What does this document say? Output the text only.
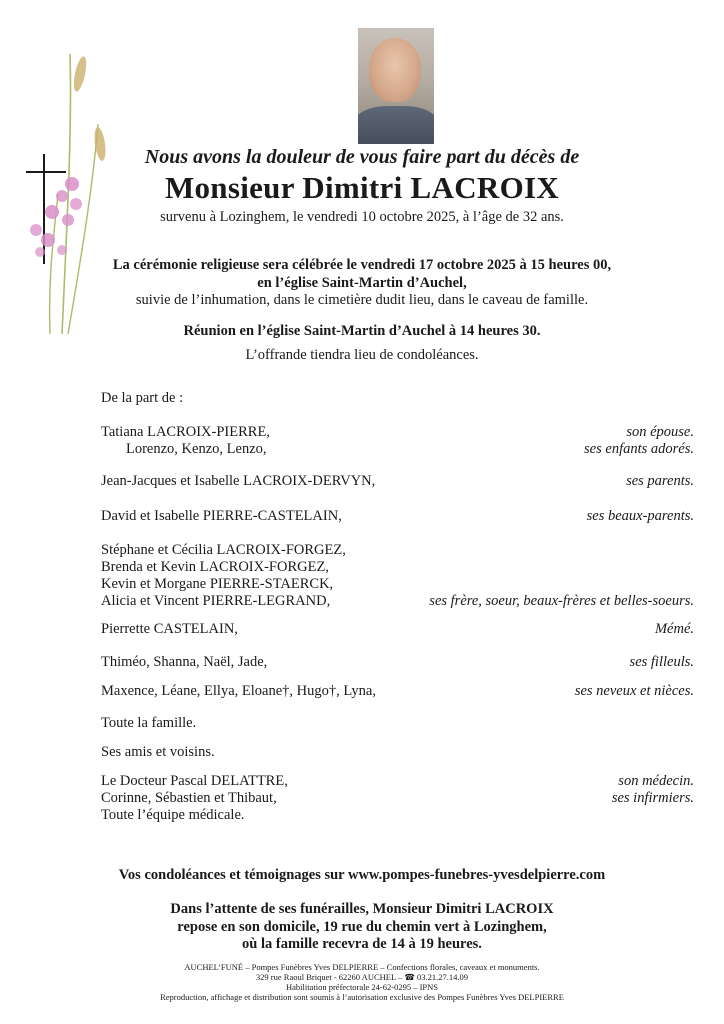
Nous avons la douleur de vous faire part du décès de
Monsieur Dimitri LACROIX
survenu à Lozinghem, le vendredi 10 octobre 2025, à l’âge de 32 ans.
La cérémonie religieuse sera célébrée le vendredi 17 octobre 2025 à 15 heures 00,
en l’église Saint-Martin d’Auchel,
suivie de l’inhumation, dans le cimetière dudit lieu, dans le caveau de famille.
Réunion en l’église Saint-Martin d’Auchel à 14 heures 30.
L’offrande tiendra lieu de condoléances.
De la part de :
Tatiana LACROIX-PIERRE,	son épouse.
Lorenzo, Kenzo, Lenzo,	ses enfants adorés.
Jean-Jacques et Isabelle LACROIX-DERVYN,	ses parents.
David et Isabelle PIERRE-CASTELAIN,	ses beaux-parents.
Stéphane et Cécilia LACROIX-FORGEZ,
Brenda et Kevin LACROIX-FORGEZ,
Kevin et Morgane PIERRE-STAERCK,
Alicia et Vincent PIERRE-LEGRAND,	ses frère, soeur, beaux-frères et belles-soeurs.
Pierrette CASTELAIN,	Mémé.
Thiméo, Shanna, Naël, Jade,	ses filleuls.
Maxence, Léane, Ellya, Eloane†, Hugo†, Lyna,	ses neveux et nièces.
Toute la famille.
Ses amis et voisins.
Le Docteur Pascal DELATTRE,	son médecin.
Corinne, Sébastien et Thibaut,	ses infirmiers.
Toute l’équipe médicale.
Vos condoléances et témoignages sur www.pompes-funebres-yvesdelpierre.com
Dans l’attente de ses funérailles, Monsieur Dimitri LACROIX
repose en son domicile, 19 rue du chemin vert à Lozinghem,
où la famille recevra de 14 à 19 heures.
AUCHEL’FUNÉ – Pompes Funèbres Yves DELPIERRE – Confections florales, caveaux et monuments.
329 rue Raoul Briquet - 62260 AUCHEL – ☎ 03.21.27.14.09
Habilitation préfectorale 24-62-0295 – IPNS
Reproduction, affichage et distribution sont soumis à l’autorisation exclusive des Pompes Funèbres Yves DELPIERRE
